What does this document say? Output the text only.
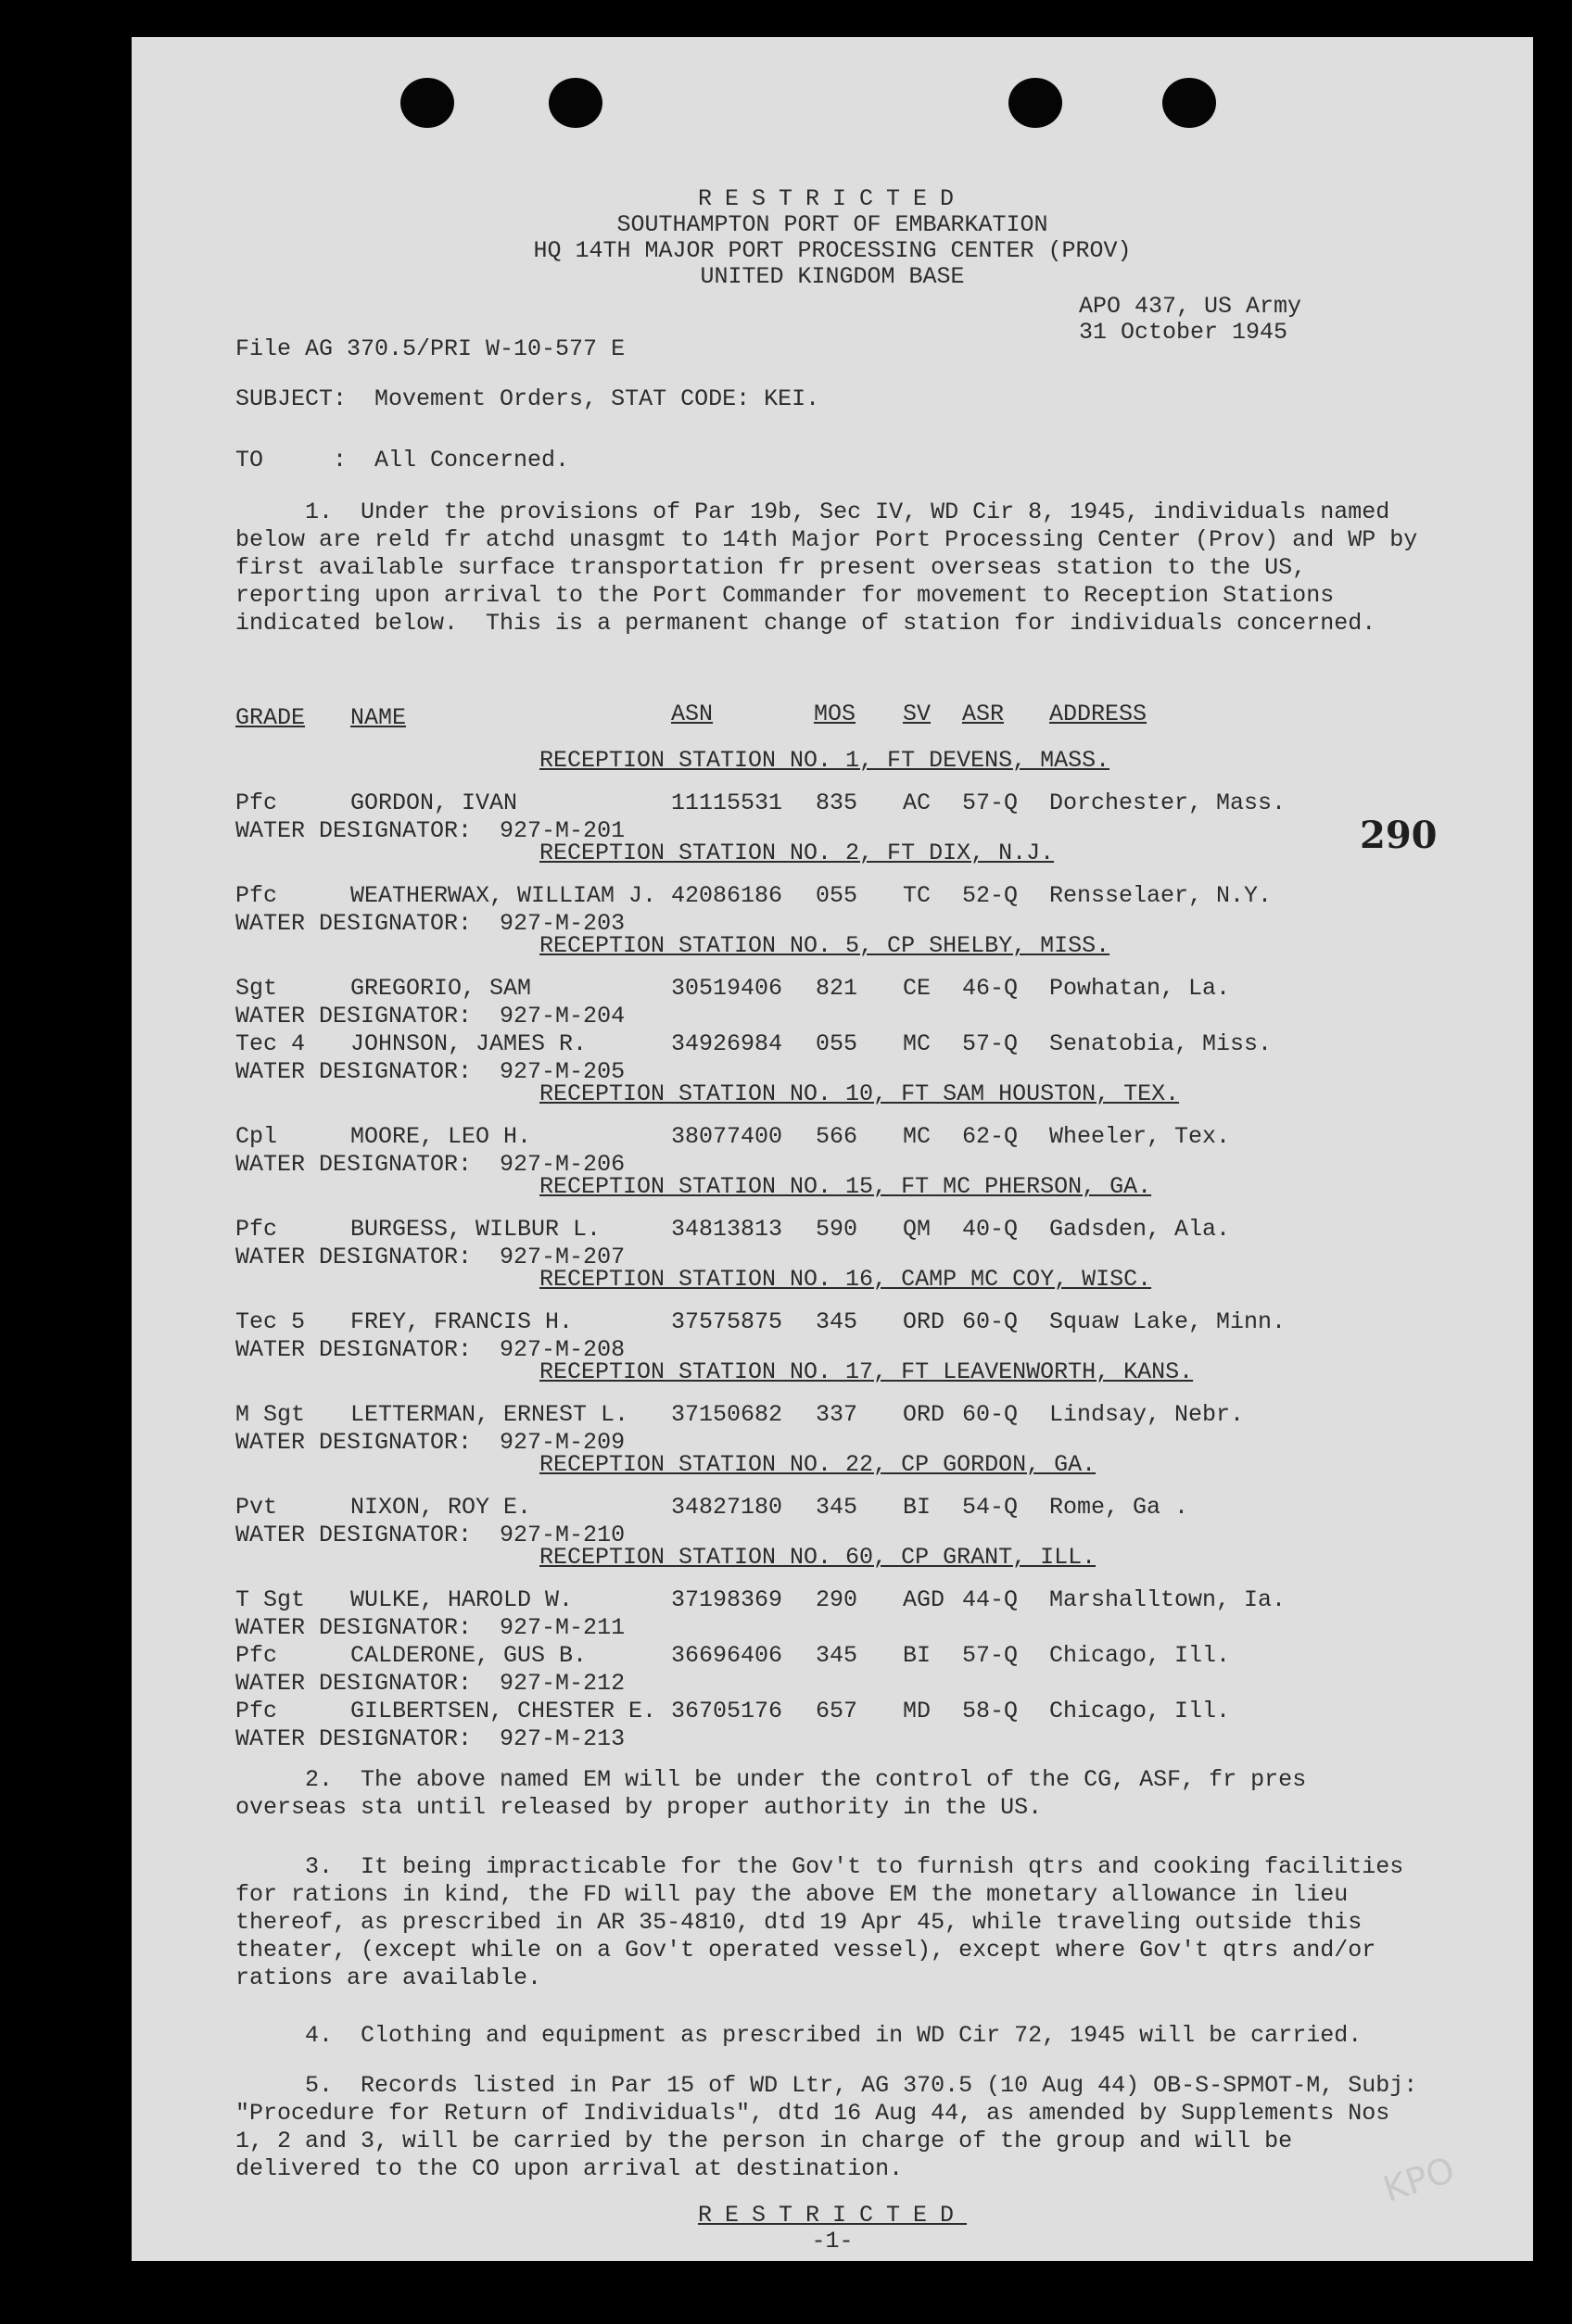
RESTRICTED
SOUTHAMPTON PORT OF EMBARKATION
HQ 14TH MAJOR PORT PROCESSING CENTER (PROV)
UNITED KINGDOM BASE
APO 437, US Army
31 October 1945
File AG 370.5/PRI W-10-577 E
SUBJECT:  Movement Orders, STAT CODE: KEI.
TO     :  All Concerned.
1.  Under the provisions of Par 19b, Sec IV, WD Cir 8, 1945, individuals named below are reld fr atchd unasgmt to 14th Major Port Processing Center (Prov) and WP by first available surface transportation fr present overseas station to the US, reporting upon arrival to the Port Commander for movement to Reception Stations indicated below.  This is a permanent change of station for individuals concerned.
290
GRADE NAME	ASN	MOS SV ASR ADDRESS
RECEPTION STATION NO. 1, FT DEVENS, MASS.
Pfc	GORDON, IVAN	11115531 835 AC 57-Q Dorchester, Mass.
WATER DESIGNATOR:  927-M-201
RECEPTION STATION NO. 2, FT DIX, N.J.
Pfc	WEATHERWAX, WILLIAM J. 42086186 055 TC 52-Q Rensselaer, N.Y.
WATER DESIGNATOR:  927-M-203
RECEPTION STATION NO. 5, CP SHELBY, MISS.
Sgt	GREGORIO, SAM	30519406 821 CE 46-Q Powhatan, La.
WATER DESIGNATOR:  927-M-204
Tec 4 JOHNSON, JAMES R.	34926984 055 MC 57-Q Senatobia, Miss.
WATER DESIGNATOR:  927-M-205
RECEPTION STATION NO. 10, FT SAM HOUSTON, TEX.
Cpl	MOORE, LEO H.	38077400 566 MC 62-Q Wheeler, Tex.
WATER DESIGNATOR:  927-M-206
RECEPTION STATION NO. 15, FT MC PHERSON, GA.
Pfc	BURGESS, WILBUR L.	34813813 590 QM 40-Q Gadsden, Ala.
WATER DESIGNATOR:  927-M-207
RECEPTION STATION NO. 16, CAMP MC COY, WISC.
Tec 5 FREY, FRANCIS H.	37575875 345 ORD 60-Q Squaw Lake, Minn.
WATER DESIGNATOR:  927-M-208
RECEPTION STATION NO. 17, FT LEAVENWORTH, KANS.
M Sgt LETTERMAN, ERNEST L. 37150682 337 ORD 60-Q Lindsay, Nebr.
WATER DESIGNATOR:  927-M-209
RECEPTION STATION NO. 22, CP GORDON, GA.
Pvt	NIXON, ROY E.	34827180 345 BI 54-Q Rome, Ga .
WATER DESIGNATOR:  927-M-210
RECEPTION STATION NO. 60, CP GRANT, ILL.
T Sgt WULKE, HAROLD W.	37198369 290 AGD 44-Q Marshalltown, Ia.
WATER DESIGNATOR:  927-M-211
Pfc	CALDERONE, GUS B.	36696406 345 BI 57-Q Chicago, Ill.
WATER DESIGNATOR:  927-M-212
Pfc	GILBERTSEN, CHESTER E. 36705176 657 MD 58-Q Chicago, Ill.
WATER DESIGNATOR:  927-M-213
2.  The above named EM will be under the control of the CG, ASF, fr pres overseas sta until released by proper authority in the US.
3.  It being impracticable for the Gov't to furnish qtrs and cooking facilities for rations in kind, the FD will pay the above EM the monetary allowance in lieu thereof, as prescribed in AR 35-4810, dtd 19 Apr 45, while traveling outside this theater, (except while on a Gov't operated vessel), except where Gov't qtrs and/or rations are available.
4.  Clothing and equipment as prescribed in WD Cir 72, 1945 will be carried.
5.  Records listed in Par 15 of WD Ltr, AG 370.5 (10 Aug 44) OB-S-SPMOT-M, Subj: "Procedure for Return of Individuals", dtd 16 Aug 44, as amended by Supplements Nos 1, 2 and 3, will be carried by the person in charge of the group and will be delivered to the CO upon arrival at destination.
RESTRICTED
-1-
KPO
